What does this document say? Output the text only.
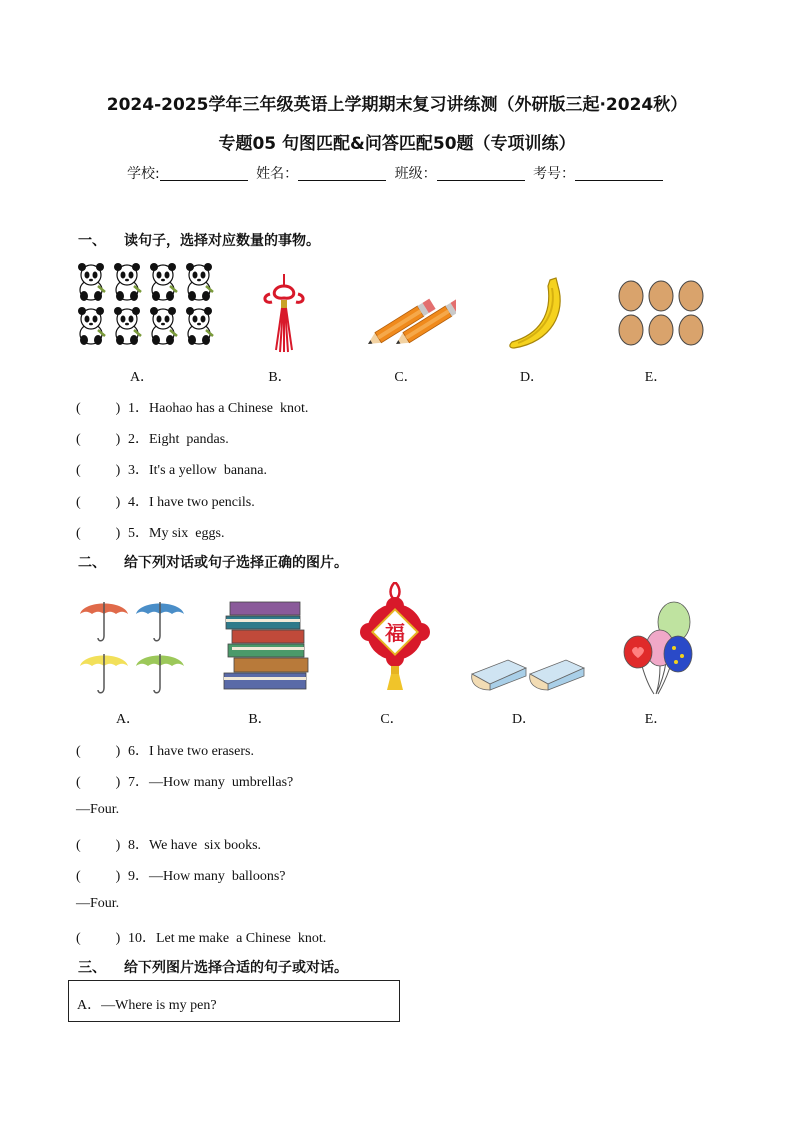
2024-2025学年三年级英语上学期期末复习讲练测（外研版三起·2024秋）
专题05 句图匹配&问答匹配50题（专项训练）
学校:	姓名：	班级：	考号：
一、 读句子，选择对应数量的事物。
A．	B．	C．	D．	E．
(          ) 1．Haohao has a Chinese  knot.
(          ) 2．Eight  pandas.
(          ) 3．It's a yellow  banana.
(          ) 4．I have two pencils.
(          ) 5．My six  eggs.
二、 给下列对话或句子选择正确的图片。
福
A．	B．	C．	D．	E．
(          ) 6．I have two erasers.
(          ) 7．—How many  umbrellas?
—Four.
(          ) 8．We have  six books.
(          ) 9．—How many  balloons?
—Four.
(          ) 10．Let me make  a Chinese  knot.
三、 给下列图片选择合适的句子或对话。
A．—Where is my pen?
